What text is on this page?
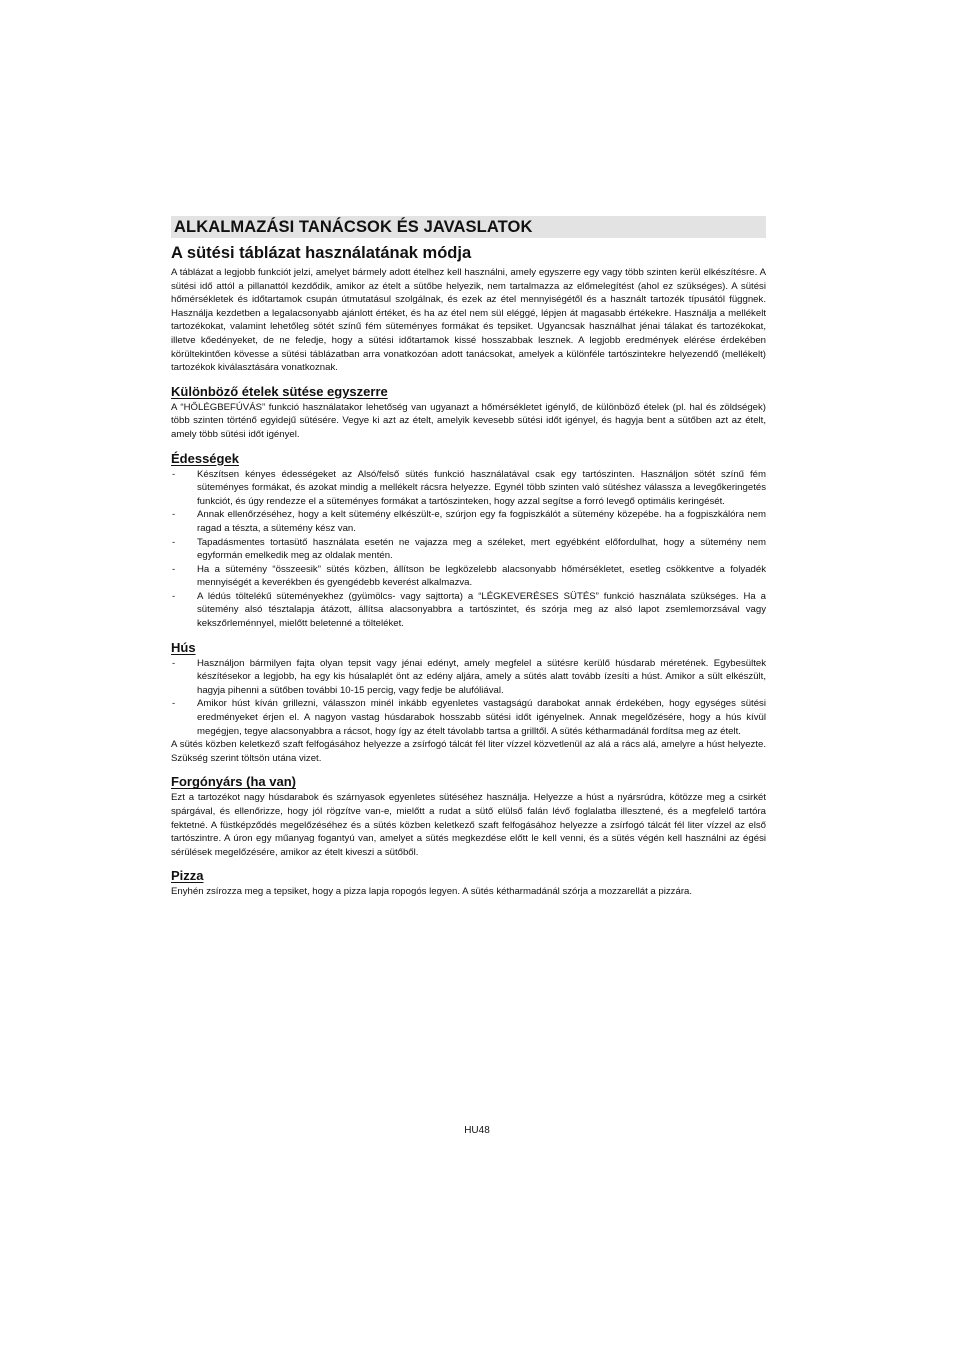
ALKALMAZÁSI TANÁCSOK ÉS JAVASLATOK
A sütési táblázat használatának módja

A táblázat a legjobb funkciót jelzi, amelyet bármely adott ételhez kell használni, amely egyszerre egy vagy több szinten kerül elkészítésre. A sütési idő attól a pillanattól kezdődik, amikor az ételt a sütőbe helyezik, nem tartalmazza az előmelegítést (ahol ez szükséges). A sütési hőmérsékletek és időtartamok csupán útmutatásul szolgálnak, és ezek az étel mennyiségétől és a használt tartozék típusától függnek. Használja kezdetben a legalacsonyabb ajánlott értéket, és ha az étel nem sül eléggé, lépjen át magasabb értékekre. Használja a mellékelt tartozékokat, valamint lehetőleg sötét színű fém süteményes formákat és tepsiket. Ugyancsak használhat jénai tálakat és tartozékokat, illetve kőedényeket, de ne feledje, hogy a sütési időtartamok kissé hosszabbak lesznek. A legjobb eredmények elérése érdekében körültekintően kövesse a sütési táblázatban arra vonatkozóan adott tanácsokat, amelyek a különféle tartószintekre helyezendő (mellékelt) tartozékok kiválasztására vonatkoznak.

Különböző ételek sütése egyszerre

A “HŐLÉGBEFÚVÁS” funkció használatakor lehetőség van ugyanazt a hőmérsékletet igénylő, de különböző ételek (pl. hal és zöldségek) több szinten történő egyidejű sütésére. Vegye ki azt az ételt, amelyik kevesebb sütési időt igényel, és hagyja bent a sütőben azt az ételt, amely több sütési időt igényel.

Édességek
- Készítsen kényes édességeket az Alsó/felső sütés funkció használatával csak egy tartószinten. Használjon sötét színű fém süteményes formákat, és azokat mindig a mellékelt rácsra helyezze. Egynél több szinten való sütéshez válassza a levegőkeringetés funkciót, és úgy rendezze el a süteményes formákat a tartószinteken, hogy azzal segítse a forró levegő optimális keringését.
- Annak ellenőrzéséhez, hogy a kelt sütemény elkészült-e, szúrjon egy fa fogpiszkálót a sütemény közepébe. ha a fogpiszkálóra nem ragad a tészta, a sütemény kész van.
- Tapadásmentes tortasütő használata esetén ne vajazza meg a széleket, mert egyébként előfordulhat, hogy a sütemény nem egyformán emelkedik meg az oldalak mentén.
- Ha a sütemény “összeesik” sütés közben, állítson be legközelebb alacsonyabb hőmérsékletet, esetleg csökkentve a folyadék mennyiségét a keverékben és gyengédebb keverést alkalmazva.
- A lédús töltelékű süteményekhez (gyümölcs- vagy sajttorta) a “LÉGKEVERÉSES SÜTÉS” funkció használata szükséges. Ha a sütemény alsó tésztalapja átázott, állítsa alacsonyabbra a tartószintet, és szórja meg az alsó lapot zsemlemorzsával vagy kekszőrleménnyel, mielőtt beletenné a tölteléket.
Hús
- Használjon bármilyen fajta olyan tepsit vagy jénai edényt, amely megfelel a sütésre kerülő húsdarab méretének. Egybesültek készítésekor a legjobb, ha egy kis húsalaplét önt az edény aljára, amely a sütés alatt tovább ízesíti a húst. Amikor a sült elkészült, hagyja pihenni a sütőben további 10-15 percig, vagy fedje be alufóliával.
- Amikor húst kíván grillezni, válasszon minél inkább egyenletes vastagságú darabokat annak érdekében, hogy egységes sütési eredményeket érjen el. A nagyon vastag húsdarabok hosszabb sütési időt igényelnek. Annak megelőzésére, hogy a hús kívül megégjen, tegye alacsonyabbra a rácsot, hogy így az ételt távolabb tartsa a grilltől. A sütés kétharmadánál fordítsa meg az ételt.

A sütés közben keletkező szaft felfogásához helyezze a zsírfogó tálcát fél liter vízzel közvetlenül az alá a rács alá, amelyre a húst helyezte. Szükség szerint töltsön utána vizet.

Forgónyárs (ha van)

Ezt a tartozékot nagy húsdarabok és szárnyasok egyenletes sütéséhez használja. Helyezze a húst a nyársrúdra, kötözze meg a csirkét spárgával, és ellenőrizze, hogy jól rögzítve van-e, mielőtt a rudat a sütő elülső falán lévő foglalatba illesztené, és a megfelelő tartóra fektetné. A füstképződés megelőzéséhez és a sütés közben keletkező szaft felfogásához helyezze a zsírfogó tálcát fél liter vízzel az első tartószintre. A úron egy műanyag fogantyú van, amelyet a sütés megkezdése előtt le kell venni, és a sütés végén kell használni az égési sérülések megelőzésére, amikor az ételt kiveszi a sütőből.

Pizza

Enyhén zsírozza meg a tepsiket, hogy a pizza lapja ropogós legyen. A sütés kétharmadánál szórja a mozzarellát a pizzára.

HU48
